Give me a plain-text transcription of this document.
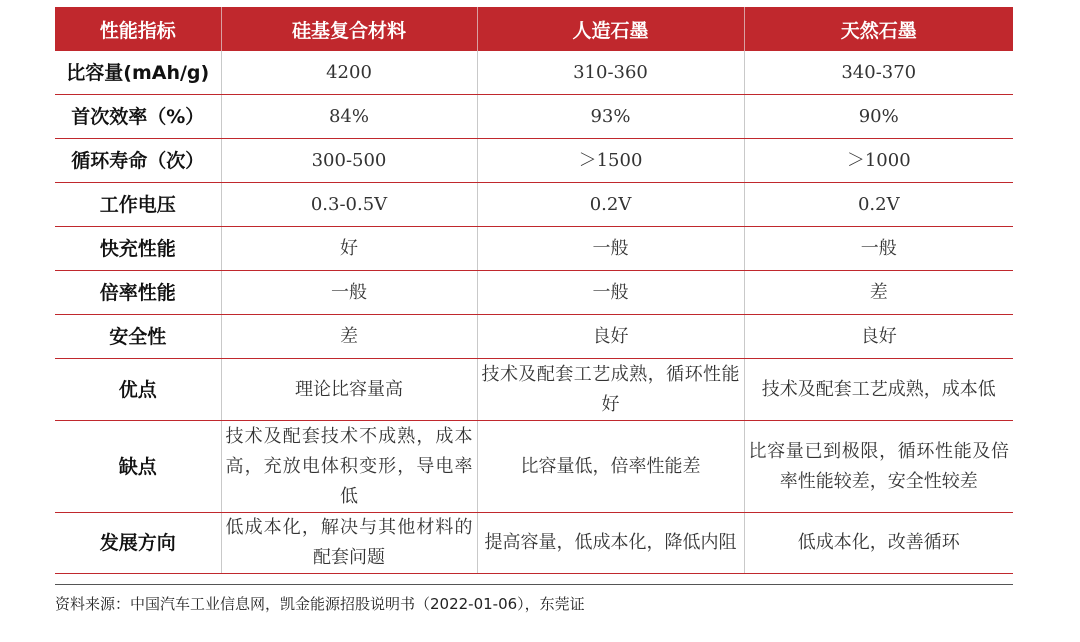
性能指标	硅基复合材料	人造石墨	天然石墨
比容量(mAh/g)	4200	310-360	340-370
首次效率（%）	84%	93%	90%
循环寿命（次）	300-500	＞1500	＞1000
工作电压	0.3-0.5V	0.2V	0.2V
快充性能	好	一般	一般
倍率性能	一般	一般	差
安全性	差	良好	良好
优点	理论比容量高	技术及配套工艺成熟，循环性能好	技术及配套工艺成熟，成本低
缺点	技术及配套技术不成熟，成本高，充放电体积变形，导电率低	比容量低，倍率性能差	比容量已到极限，循环性能及倍率性能较差，安全性较差
发展方向	低成本化，解决与其他材料的配套问题	提高容量，低成本化，降低内阻	低成本化，改善循环
资料来源：中国汽车工业信息网，凯金能源招股说明书（2022-01-06），东莞证
